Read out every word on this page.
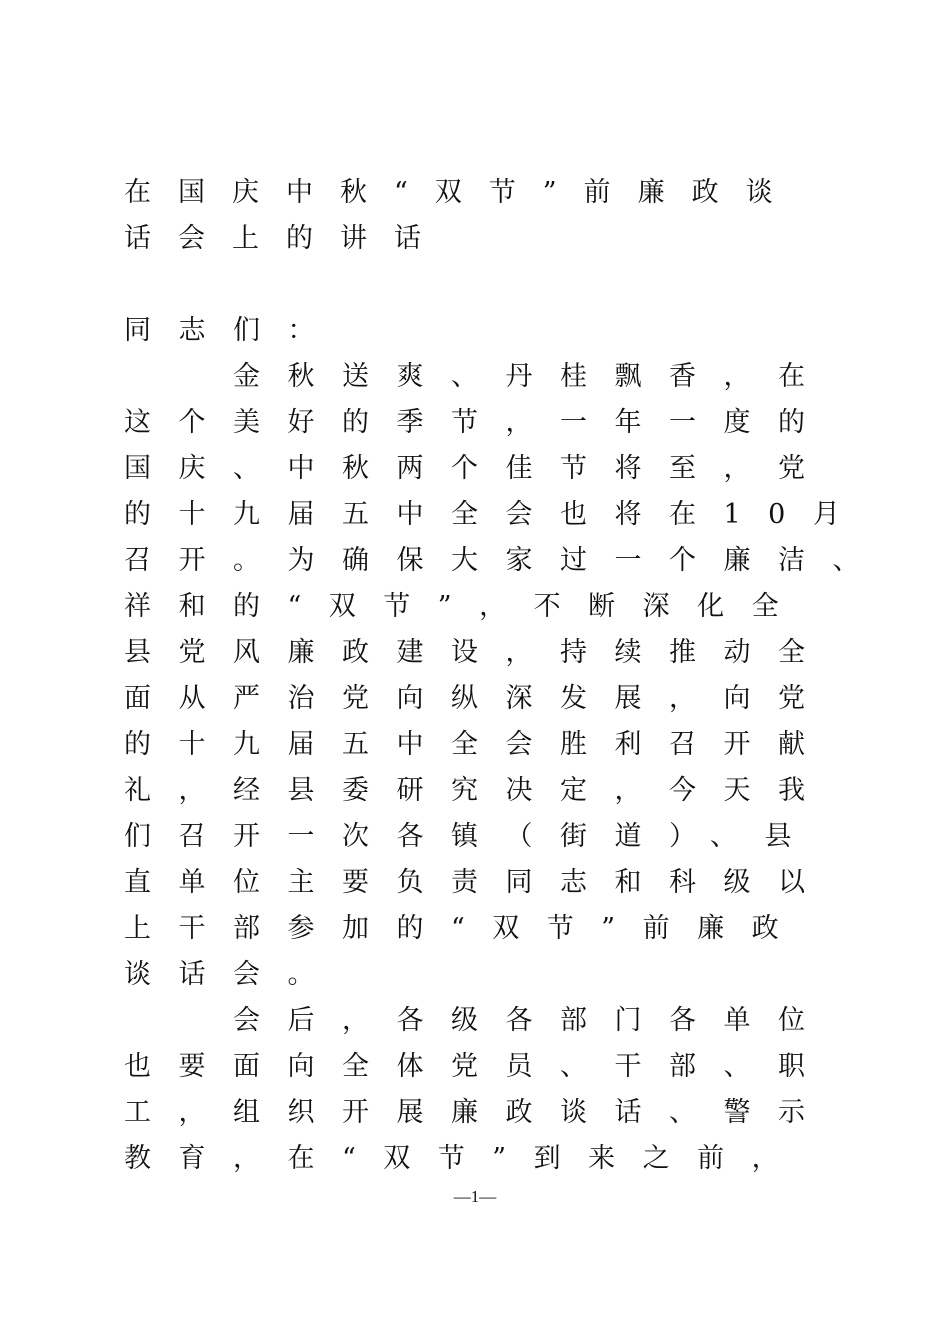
在国庆中秋“双节”前廉政谈
话会上的讲话
同志们：
金秋送爽、丹桂飘香，在
这个美好的季节，一年一度的
国庆、中秋两个佳节将至，党
的十九届五中全会也将在10月
召开。为确保大家过一个廉洁、
祥和的“双节”，不断深化全
县党风廉政建设，持续推动全
面从严治党向纵深发展，向党
的十九届五中全会胜利召开献
礼，经县委研究决定，今天我
们召开一次各镇（街道）、县
直单位主要负责同志和科级以
上干部参加的“双节”前廉政
谈话会。
会后，各级各部门各单位
也要面向全体党员、干部、职
工，组织开展廉政谈话、警示
教育，在“双节”到来之前，
—1—
